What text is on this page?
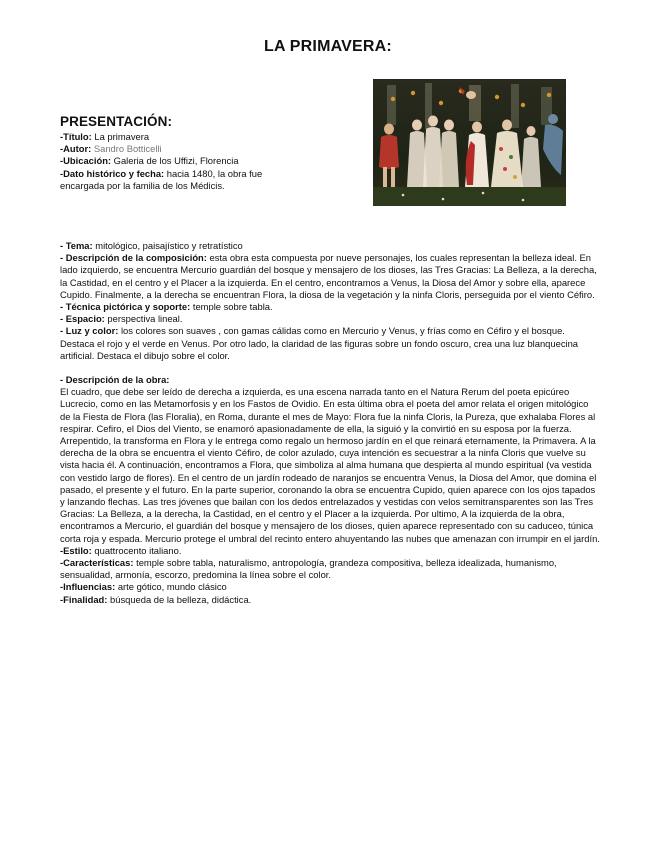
LA PRIMAVERA:
PRESENTACIÓN:
-Título: La primavera
-Autor: Sandro Botticelli
-Ubicación: Galeria de los Uffizi, Florencia
-Dato histórico y fecha: hacia 1480, la obra fue
encargada por la familia de los Médicis.

- Tema: mitológico, paisajístico y retratístico

- Descripción de la composición: esta obra esta compuesta por nueve personajes, los cuales representan la belleza ideal. En lado izquierdo, se encuentra Mercurio guardián del bosque y mensajero de los dioses, las Tres Gracias: La Belleza, a la derecha, la Castidad, en el centro y el Placer a la izquierda. En el centro, encontramos a Venus, la Diosa del Amor y sobre ella, aparece Cupido. Finalmente, a la derecha se encuentran Flora, la diosa de la vegetación y la ninfa Cloris, perseguida por el viento Céfiro.

- Técnica pictórica y soporte: temple sobre tabla.

- Espacio: perspectiva lineal.

- Luz y color: los colores son suaves , con gamas cálidas como en Mercurio y Venus, y frías como en Céfiro y el bosque. Destaca el rojo y el verde en Venus. Por otro lado, la claridad de las figuras sobre un fondo oscuro, crea una luz blanquecina artificial. Destaca el dibujo sobre el color.

- Descripción de la obra:

El cuadro, que debe ser leído de derecha a izquierda, es una escena narrada tanto en el Natura Rerum del poeta epicúreo Lucrecio, como en las Metamorfosis y en los Fastos de Ovidio. En esta última obra el poeta del amor relata el origen mitológico de la Fiesta de Flora (las Floralia), en Roma, durante el mes de Mayo: Flora fue la ninfa Cloris, la Pureza, que exhalaba Flores al respirar. Cefiro, el Dios del Viento, se enamoró apasionadamente de ella, la siguió y la convirtió en su esposa por la fuerza. Arrepentido, la transforma en Flora y le entrega como regalo un hermoso jardín en el que reinará eternamente, la Primavera. A la derecha de la obra se encuentra el viento Céfiro, de color azulado, cuya intención es secuestrar a la ninfa Cloris que vuelve su vista hacia él. A continuación, encontramos a Flora, que simboliza al alma humana que despierta al mundo espiritual (va vestida con vestido largo de flores). En el centro de un jardín rodeado de naranjos se encuentra Venus, la Diosa del Amor, que domina el pasado, el presente y el futuro. En la parte superior, coronando la obra se encuentra Cupido, quien aparece con los ojos tapados y lanzando flechas. Las tres jóvenes que bailan con los dedos entrelazados y vestidas con velos semitransparentes son las Tres Gracias: La Belleza, a la derecha, la Castidad, en el centro y el Placer a la izquierda. Por ultimo, A la izquierda de la obra, encontramos a Mercurio, el guardián del bosque y mensajero de los dioses, quien aparece representado con su caduceo, túnica corta roja y espada. Mercurio protege el umbral del recinto entero ahuyentando las nubes que amenazan con irrumpir en el jardín.

-Estilo: quattrocento italiano.

-Características: temple sobre tabla, naturalismo, antropología, grandeza compositiva, belleza idealizada, humanismo, sensualidad, armonía, escorzo, predomina la línea sobre el color.

-Influencias: arte gótico, mundo clásico

-Finalidad: búsqueda de la belleza, didáctica.
